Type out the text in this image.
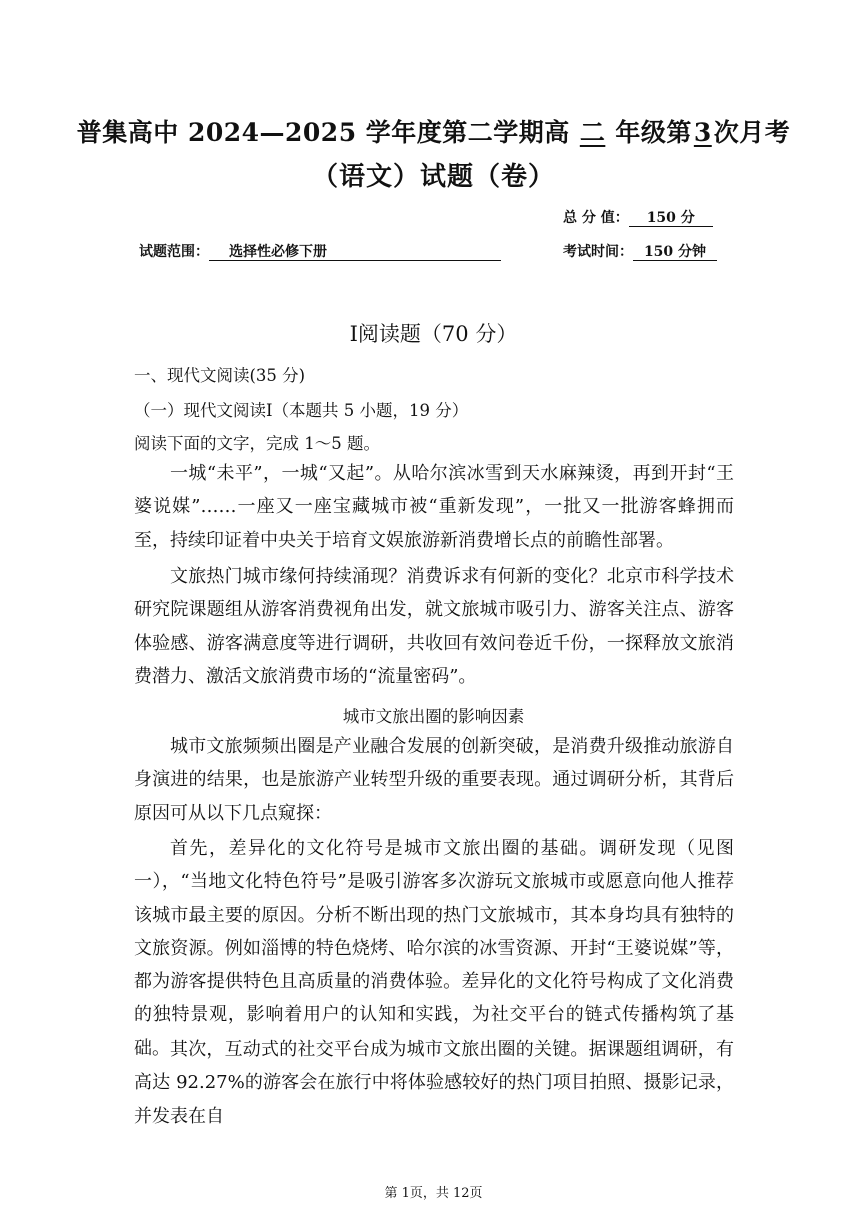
普集高中 2024—2025 学年度第二学期高 二 年级第3次月考
（语文）试题（卷）
总 分 值： 150 分
试题范围： 选择性必修下册	考试时间： 150 分钟
Ⅰ阅读题（70 分）
一、现代文阅读(35 分)
（一）现代文阅读Ⅰ（本题共 5 小题，19 分）
阅读下面的文字，完成 1～5 题。
一城“未平”，一城“又起”。从哈尔滨冰雪到天水麻辣烫，再到开封“王婆说媒”……一座又一座宝藏城市被“重新发现”，一批又一批游客蜂拥而至，持续印证着中央关于培育文娱旅游新消费增长点的前瞻性部署。
文旅热门城市缘何持续涌现？消费诉求有何新的变化？北京市科学技术研究院课题组从游客消费视角出发，就文旅城市吸引力、游客关注点、游客体验感、游客满意度等进行调研，共收回有效问卷近千份，一探释放文旅消费潜力、激活文旅消费市场的“流量密码”。
城市文旅出圈的影响因素
城市文旅频频出圈是产业融合发展的创新突破，是消费升级推动旅游自身演进的结果，也是旅游产业转型升级的重要表现。通过调研分析，其背后原因可从以下几点窥探：
首先，差异化的文化符号是城市文旅出圈的基础。调研发现（见图一），“当地文化特色符号”是吸引游客多次游玩文旅城市或愿意向他人推荐该城市最主要的原因。分析不断出现的热门文旅城市，其本身均具有独特的文旅资源。例如淄博的特色烧烤、哈尔滨的冰雪资源、开封“王婆说媒”等，都为游客提供特色且高质量的消费体验。差异化的文化符号构成了文化消费的独特景观，影响着用户的认知和实践，为社交平台的链式传播构筑了基础。 其次，互动式的社交平台成为城市文旅出圈的关键。据课题组调研，有高达 92.27%的游客会在旅行中将体验感较好的热门项目拍照、摄影记录，并发表在自
第 1页，共 12页
